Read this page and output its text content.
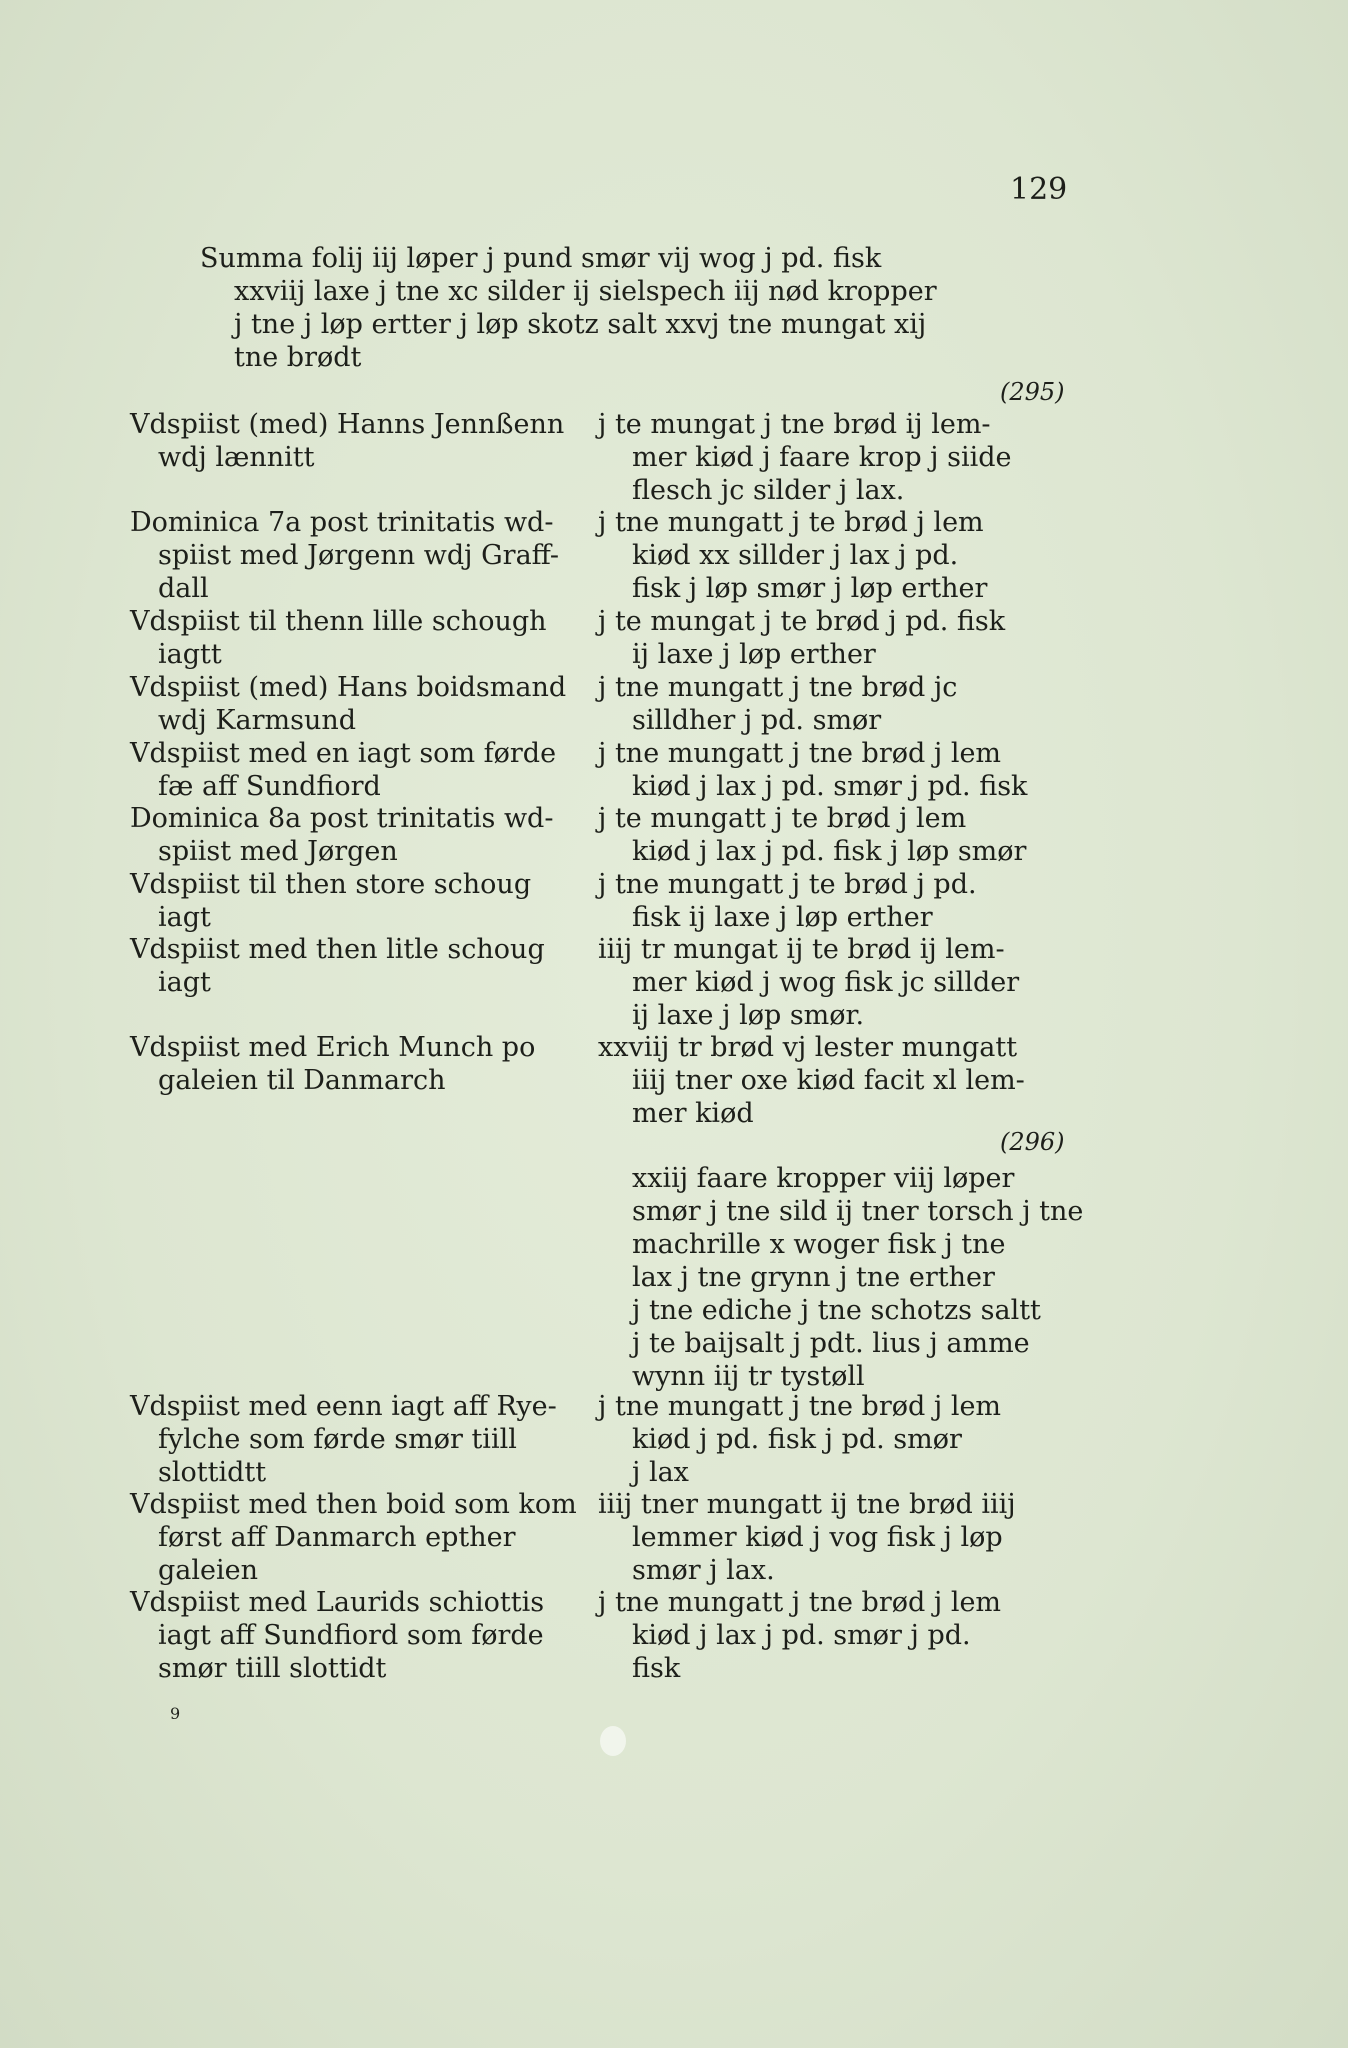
129
Summa folij iij løper j pund smør vij wog j pd. fisk
xxviij laxe j tne xc silder ij sielspech iij nød kropper
j tne j løp ertter j løp skotz salt xxvj tne mungat xij
tne brødt
(295)
Vdspiist (med) Hanns Jennßenn
wdj lænnitt
j te mungat j tne brød ij lem-
mer kiød j faare krop j siide
flesch jc silder j lax.
Dominica 7a post trinitatis wd-
spiist med Jørgenn wdj Graff-
dall
j tne mungatt j te brød j lem
kiød xx sillder j lax j pd.
fisk j løp smør j løp erther
Vdspiist til thenn lille schough
iagtt
j te mungat j te brød j pd. fisk
ij laxe j løp erther
Vdspiist (med) Hans boidsmand
wdj Karmsund
j tne mungatt j tne brød jc
silldher j pd. smør
Vdspiist med en iagt som førde
fæ aff Sundfiord
j tne mungatt j tne brød j lem
kiød j lax j pd. smør j pd. fisk
Dominica 8a post trinitatis wd-
spiist med Jørgen
j te mungatt j te brød j lem
kiød j lax j pd. fisk j løp smør
Vdspiist til then store schoug
iagt
j tne mungatt j te brød j pd.
fisk ij laxe j løp erther
Vdspiist med then litle schoug
iagt
iiij tr mungat ij te brød ij lem-
mer kiød j wog fisk jc sillder
ij laxe j løp smør.
Vdspiist med Erich Munch po
galeien til Danmarch
xxviij tr brød vj lester mungatt
iiij tner oxe kiød facit xl lem-
mer kiød
(296)
xxiij faare kropper viij løper
smør j tne sild ij tner torsch j tne
machrille x woger fisk j tne
lax j tne grynn j tne erther
j tne ediche j tne schotzs saltt
j te baijsalt j pdt. lius j amme
wynn iij tr tystøll
Vdspiist med eenn iagt aff Rye-
fylche som førde smør tiill
slottidtt
j tne mungatt j tne brød j lem
kiød j pd. fisk j pd. smør
j lax
Vdspiist med then boid som kom
først aff Danmarch epther
galeien
iiij tner mungatt ij tne brød iiij
lemmer kiød j vog fisk j løp
smør j lax.
Vdspiist med Laurids schiottis
iagt aff Sundfiord som førde
smør tiill slottidt
j tne mungatt j tne brød j lem
kiød j lax j pd. smør j pd.
fisk
9
